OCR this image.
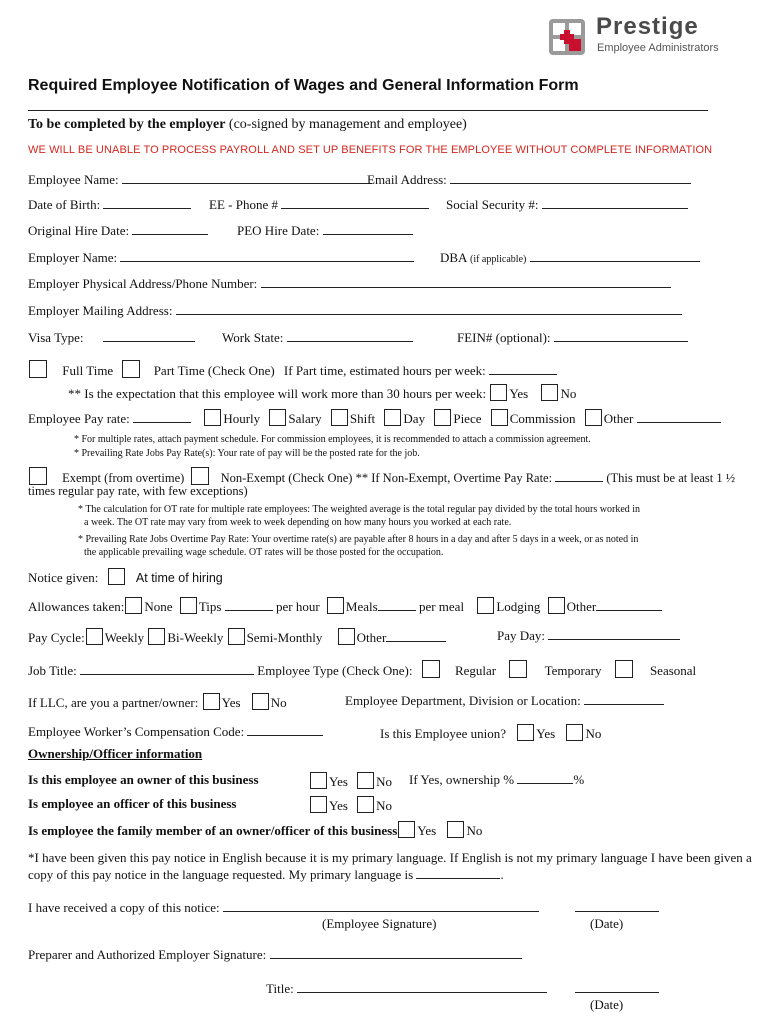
Prestige
Employee Administrators
Required Employee Notification of Wages and General Information Form
To be completed by the employer (co-signed by management and employee)
WE WILL BE UNABLE TO PROCESS PAYROLL AND SET UP BENEFITS FOR THE EMPLOYEE WITHOUT COMPLETE INFORMATION
Employee Name:	Email Address:
Date of Birth:	EE - Phone #	Social Security #:
Original Hire Date:	PEO Hire Date:
Employer Name:	DBA (if applicable)
Employer Physical Address/Phone Number:
Employer Mailing Address:
Visa Type:	Work State:	FEIN# (optional):
Full Time	Part Time (Check One) If Part time, estimated hours per week:
** Is the expectation that this employee will work more than 30 hours per week: Yes No
Employee Pay rate:	Hourly Salary Shift Day Piece Commission Other
* For multiple rates, attach payment schedule. For commission employees, it is recommended to attach a commission agreement.
* Prevailing Rate Jobs Pay Rate(s): Your rate of pay will be the posted rate for the job.
Exempt (from overtime)	Non-Exempt (Check One) ** If Non-Exempt, Overtime Pay Rate:	(This must be at least 1 ½
times regular pay rate, with few exceptions)
* The calculation for OT rate for multiple rate employees: The weighted average is the total regular pay divided by the total hours worked in
a week. The OT rate may vary from week to week depending on how many hours you worked at each rate.
* Prevailing Rate Jobs Overtime Pay Rate: Your overtime rate(s) are payable after 8 hours in a day and after 5 days in a week, or as noted in
the applicable prevailing wage schedule. OT rates will be those posted for the occupation.
Notice given:	At time of hiring
Allowances taken: None Tips	per hour Meals	per meal Lodging Other
Pay Cycle: Weekly Bi-Weekly Semi-Monthly	Other	Pay Day:
Job Title:	Employee Type (Check One):	Regular	Temporary	Seasonal
If LLC, are you a partner/owner: Yes No	Employee Department, Division or Location:
Employee Worker’s Compensation Code:	Is this Employee union? Yes No
Ownership/Officer information
Is this employee an owner of this business	Yes No If Yes, ownership %	%
Is employee an officer of this business	Yes No
Is employee the family member of an owner/officer of this business Yes No
*I have been given this pay notice in English because it is my primary language. If English is not my primary language I have been given a copy of this pay notice in the language requested. My primary language is	.
I have received a copy of this notice:
(Employee Signature)	(Date)
Preparer and Authorized Employer Signature:
Title:
(Date)
